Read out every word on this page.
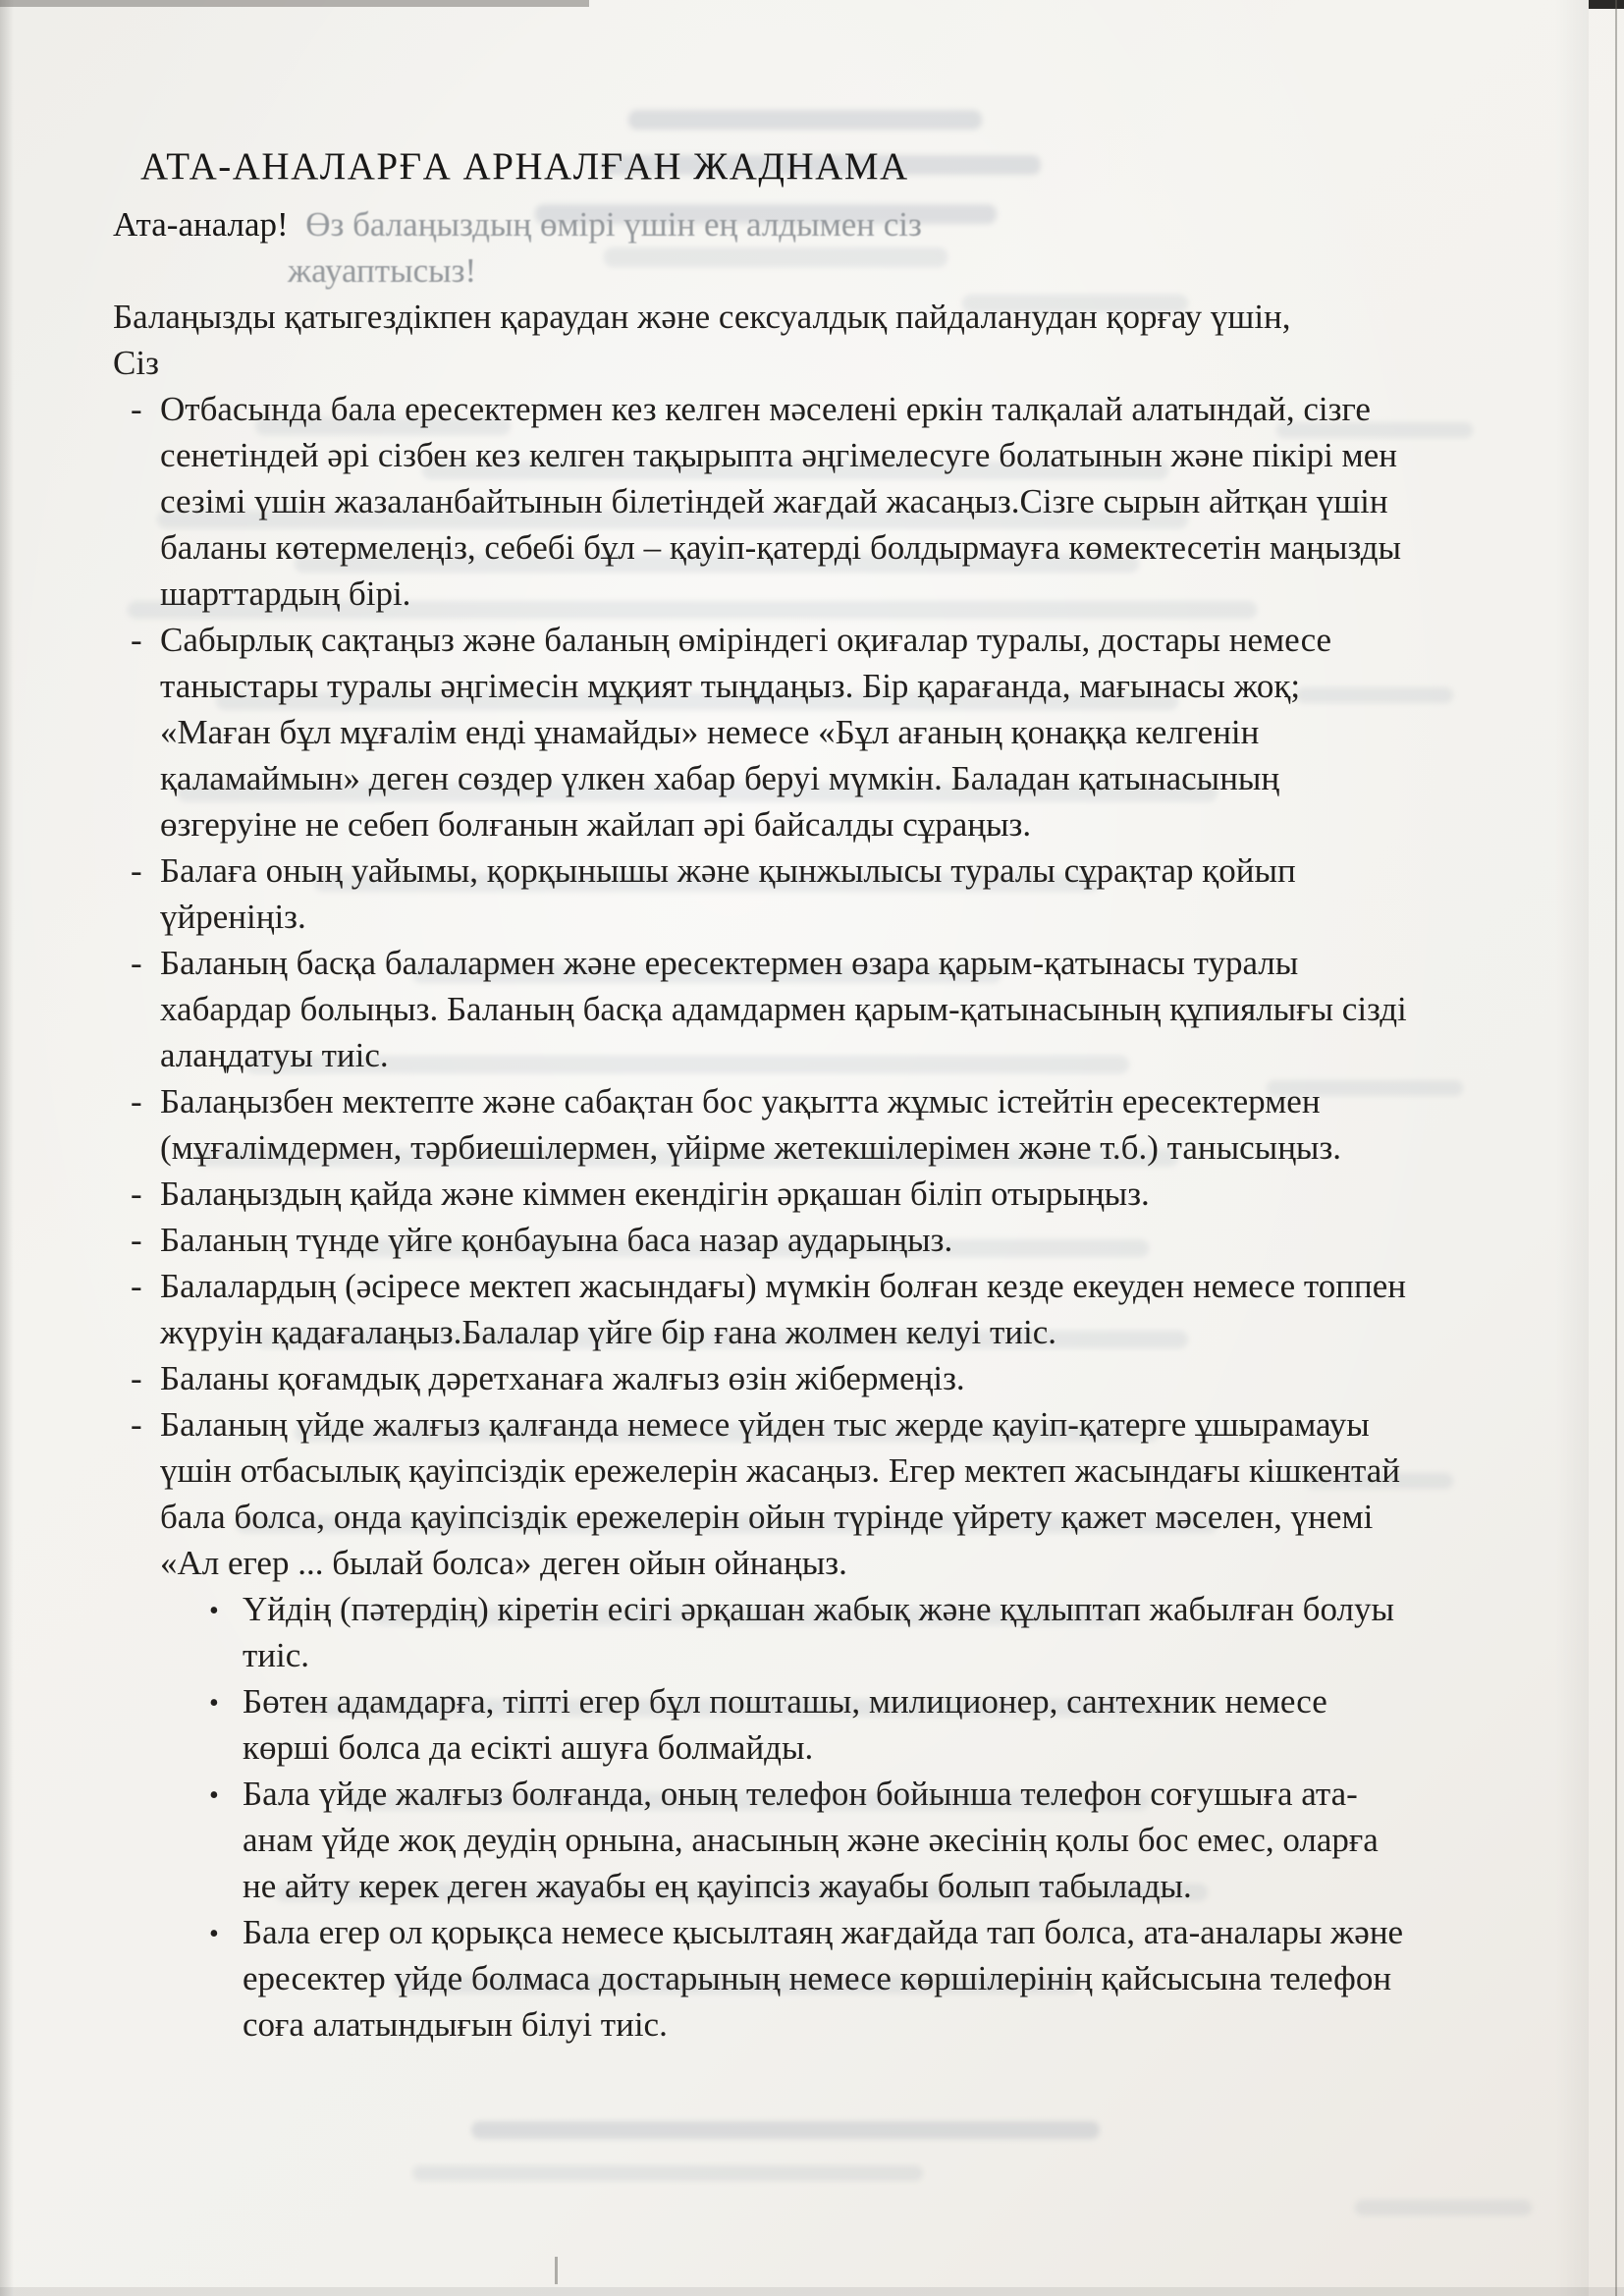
АТА-АНАЛАРҒА АРНАЛҒАН ЖАДНАМА

Ата-аналар! Өз балаңыздың өмірі үшін ең алдымен сіз

жауаптысыз!

Балаңызды қатыгездікпен қараудан және сексуалдық пайдаланудан қорғау үшін,

Сіз

- Отбасында бала ересектермен кез келген мәселені еркін талқалай алатындай, сізге сенетіндей әрі сізбен кез келген тақырыпта әңгімелесуге болатынын және пікірі мен сезімі үшін жазаланбайтынын білетіндей жағдай жасаңыз.Сізге сырын айтқан үшін баланы көтермелеңіз, себебі бұл – қауіп-қатерді болдырмауға көмектесетін маңызды шарттардың бірі.
- Сабырлық сақтаңыз және баланың өміріндегі оқиғалар туралы, достары немесе таныстары туралы әңгімесін мұқият тыңдаңыз. Бір қарағанда, мағынасы жоқ; «Маған бұл мұғалім енді ұнамайды» немесе «Бұл ағаның қонаққа келгенін қаламаймын» деген сөздер үлкен хабар беруі мүмкін. Баладан қатынасының өзгеруіне не себеп болғанын жайлап әрі байсалды сұраңыз.
- Балаға оның уайымы, қорқынышы және қынжылысы туралы сұрақтар қойып үйреніңіз.
- Баланың басқа балалармен және ересектермен өзара қарым-қатынасы туралы хабардар болыңыз. Баланың басқа адамдармен қарым-қатынасының құпиялығы сізді алаңдатуы тиіс.
- Балаңызбен мектепте және сабақтан бос уақытта жұмыс істейтін ересектермен (мұғалімдермен, тәрбиешілермен, үйірме жетекшілерімен және т.б.) танысыңыз.
- Балаңыздың қайда және кіммен екендігін әрқашан біліп отырыңыз.
- Баланың түнде үйге қонбауына баса назар аударыңыз.
- Балалардың (әсіресе мектеп жасындағы) мүмкін болған кезде екеуден немесе топпен жүруін қадағалаңыз.Балалар үйге бір ғана жолмен келуі тиіс.
- Баланы қоғамдық дәретханаға жалғыз өзін жібермеңіз.
- Баланың үйде жалғыз қалғанда немесе үйден тыс жерде қауіп-қатерге ұшырамауы үшін отбасылық қауіпсіздік ережелерін жасаңыз. Егер мектеп жасындағы кішкентай бала болса, онда қауіпсіздік ережелерін ойын түрінде үйрету қажет мәселен, үнемі «Ал егер ... былай болса» деген ойын ойнаңыз.
• Үйдің (пәтердің) кіретін есігі әрқашан жабық және құлыптап жабылған болуы тиіс.
• Бөтен адамдарға, тіпті егер бұл пошташы, милиционер, сантехник немесе көрші болса да есікті ашуға болмайды.
• Бала үйде жалғыз болғанда, оның телефон бойынша телефон соғушыға ата-анам үйде жоқ деудің орнына, анасының және әкесінің қолы бос емес, оларға не айту керек деген жауабы ең қауіпсіз жауабы болып табылады.
• Бала егер ол қорықса немесе қысылтаяң жағдайда тап болса, ата-аналары және ересектер үйде болмаса достарының немесе көршілерінің қайсысына телефон соға алатындығын білуі тиіс.
